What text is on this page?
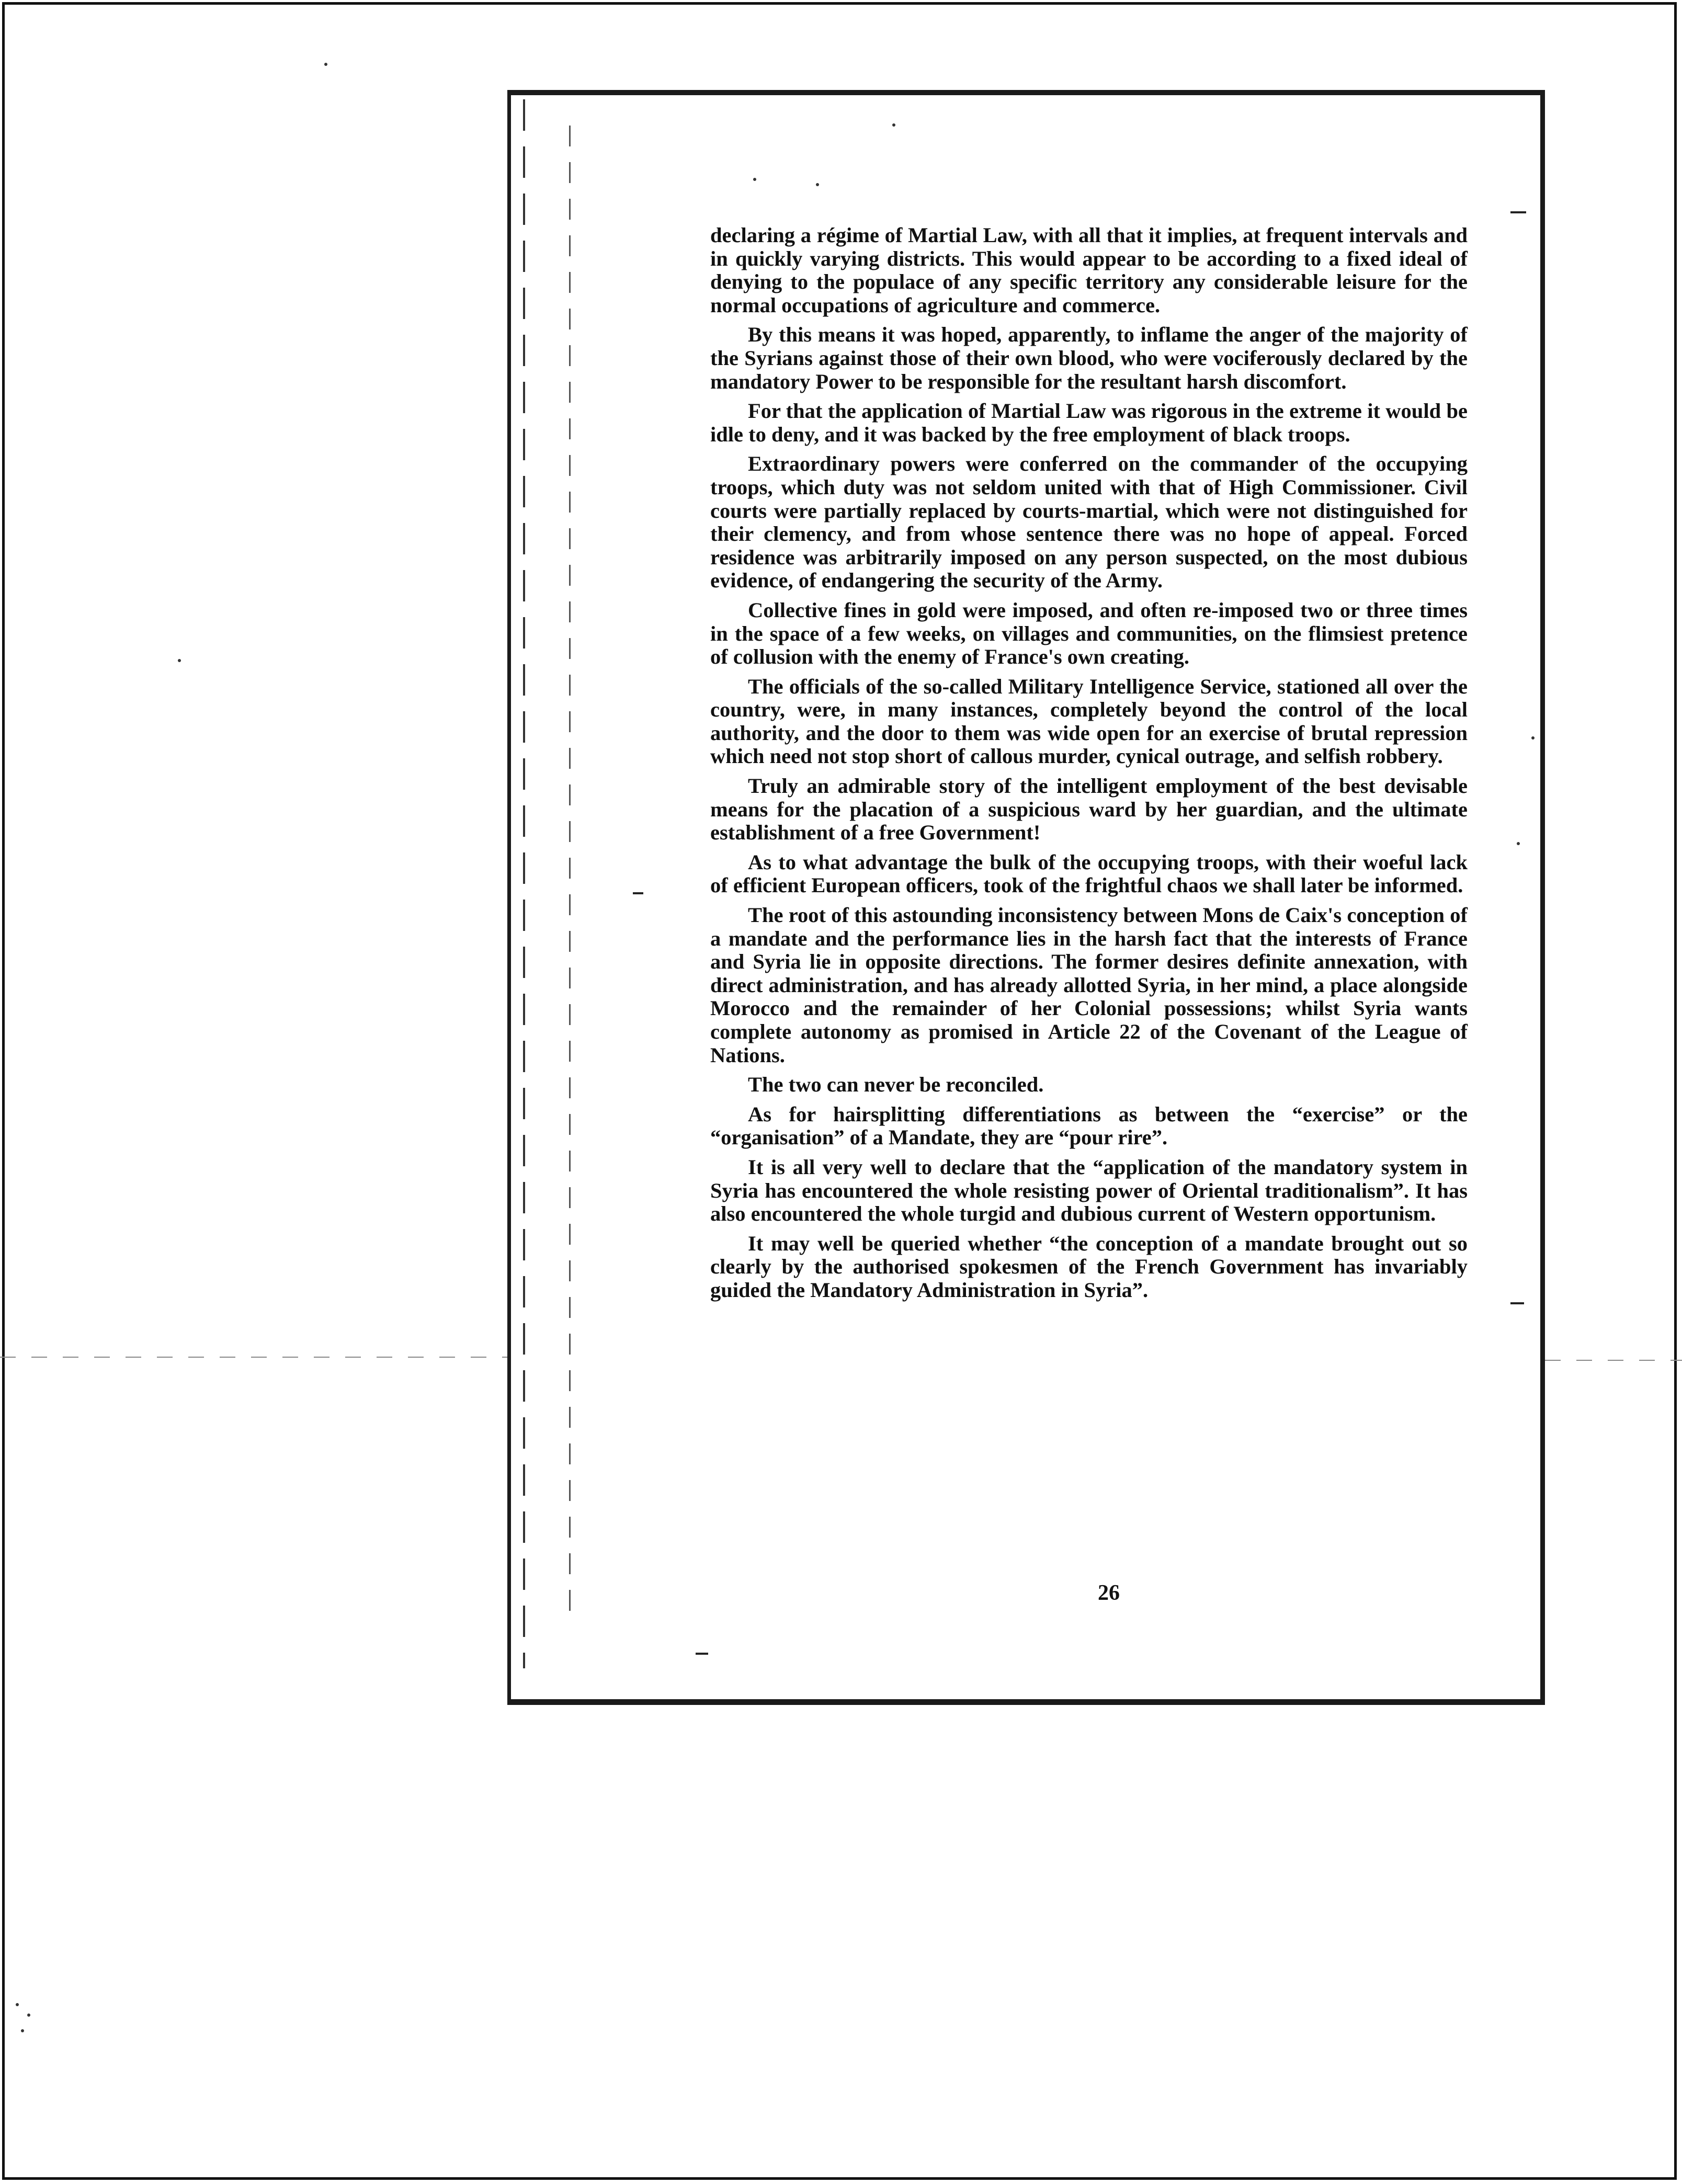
declaring a régime of Martial Law, with all that it implies, at frequent intervals and in quickly varying districts. This would appear to be according to a fixed ideal of denying to the populace of any specific territory any considerable leisure for the normal occupations of agriculture and commerce.

By this means it was hoped, apparently, to inflame the anger of the majority of the Syrians against those of their own blood, who were vociferously declared by the mandatory Power to be responsible for the resultant harsh discomfort.

For that the application of Martial Law was rigorous in the extreme it would be idle to deny, and it was backed by the free employment of black troops.

Extraordinary powers were conferred on the commander of the occupying troops, which duty was not seldom united with that of High Commissioner. Civil courts were partially replaced by courts-martial, which were not distinguished for their clemency, and from whose sentence there was no hope of appeal. Forced residence was arbitrarily imposed on any person suspected, on the most dubious evidence, of endangering the security of the Army.

Collective fines in gold were imposed, and often re-imposed two or three times in the space of a few weeks, on villages and communities, on the flimsiest pretence of collusion with the enemy of France's own creating.

The officials of the so-called Military Intelligence Service, stationed all over the country, were, in many instances, completely beyond the control of the local authority, and the door to them was wide open for an exercise of brutal repression which need not stop short of callous murder, cynical outrage, and selfish robbery.

Truly an admirable story of the intelligent employment of the best devisable means for the placation of a suspicious ward by her guardian, and the ultimate establishment of a free Government!

As to what advantage the bulk of the occupying troops, with their woeful lack of efficient European officers, took of the frightful chaos we shall later be informed.

The root of this astounding inconsistency between Mons de Caix's conception of a mandate and the performance lies in the harsh fact that the interests of France and Syria lie in opposite directions. The former desires definite annexation, with direct administration, and has already allotted Syria, in her mind, a place alongside Morocco and the remainder of her Colonial possessions; whilst Syria wants complete autonomy as promised in Article 22 of the Covenant of the League of Nations.

The two can never be reconciled.

As for hairsplitting differentiations as between the “exercise” or the “organisation” of a Mandate, they are “pour rire”.

It is all very well to declare that the “application of the mandatory system in Syria has encountered the whole resisting power of Oriental traditionalism”. It has also encountered the whole turgid and dubious current of Western opportunism.

It may well be queried whether “the conception of a mandate brought out so clearly by the authorised spokesmen of the French Government has invariably guided the Mandatory Administration in Syria”.

26
